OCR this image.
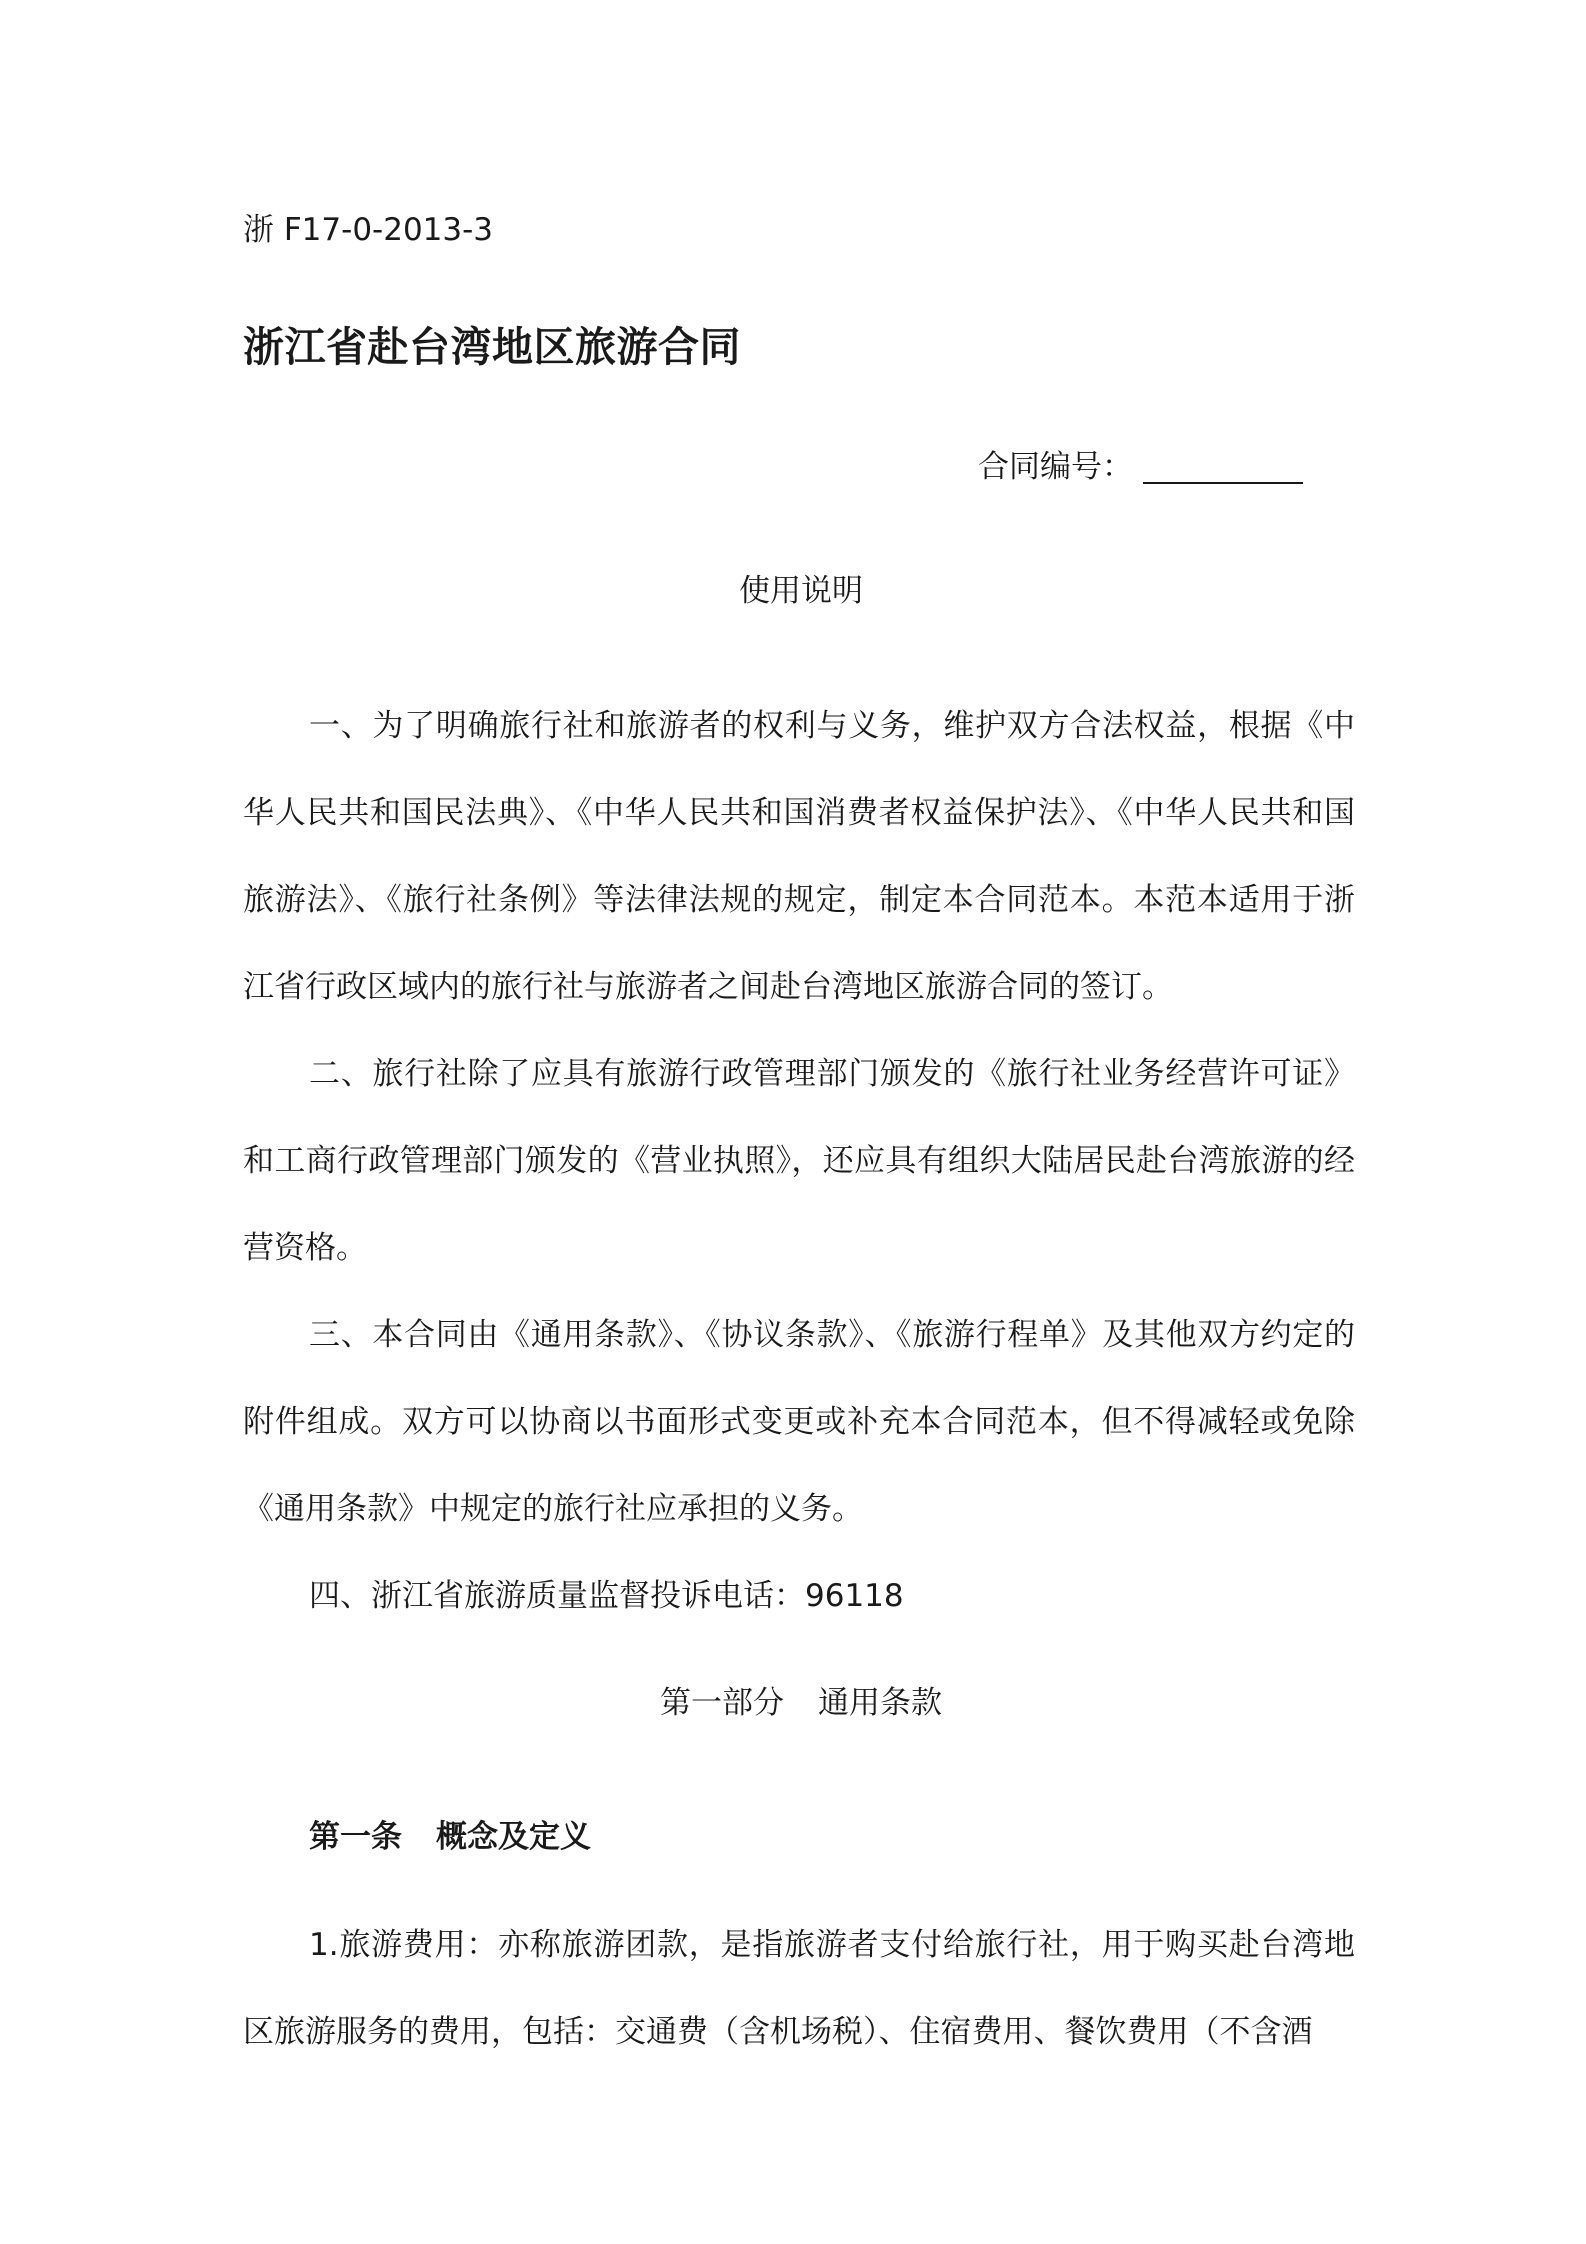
浙 F17-0-2013-3
浙江省赴台湾地区旅游合同
合同编号：
使用说明

一、为了明确旅行社和旅游者的权利与义务，维护双方合法权益，根据《中华人民共和国民法典》、《中华人民共和国消费者权益保护法》、《中华人民共和国旅游法》、《旅行社条例》等法律法规的规定，制定本合同范本。本范本适用于浙江省行政区域内的旅行社与旅游者之间赴台湾地区旅游合同的签订。

二、旅行社除了应具有旅游行政管理部门颁发的《旅行社业务经营许可证》和工商行政管理部门颁发的《营业执照》，还应具有组织大陆居民赴台湾旅游的经营资格。

三、本合同由《通用条款》、《协议条款》、《旅游行程单》及其他双方约定的附件组成。双方可以协商以书面形式变更或补充本合同范本，但不得减轻或免除《通用条款》中规定的旅行社应承担的义务。

四、浙江省旅游质量监督投诉电话：96118

第一部分 通用条款
第一条 概念及定义

1.旅游费用：亦称旅游团款，是指旅游者支付给旅行社，用于购买赴台湾地区旅游服务的费用，包括：交通费（含机场税）、住宿费用、餐饮费用（不含酒
